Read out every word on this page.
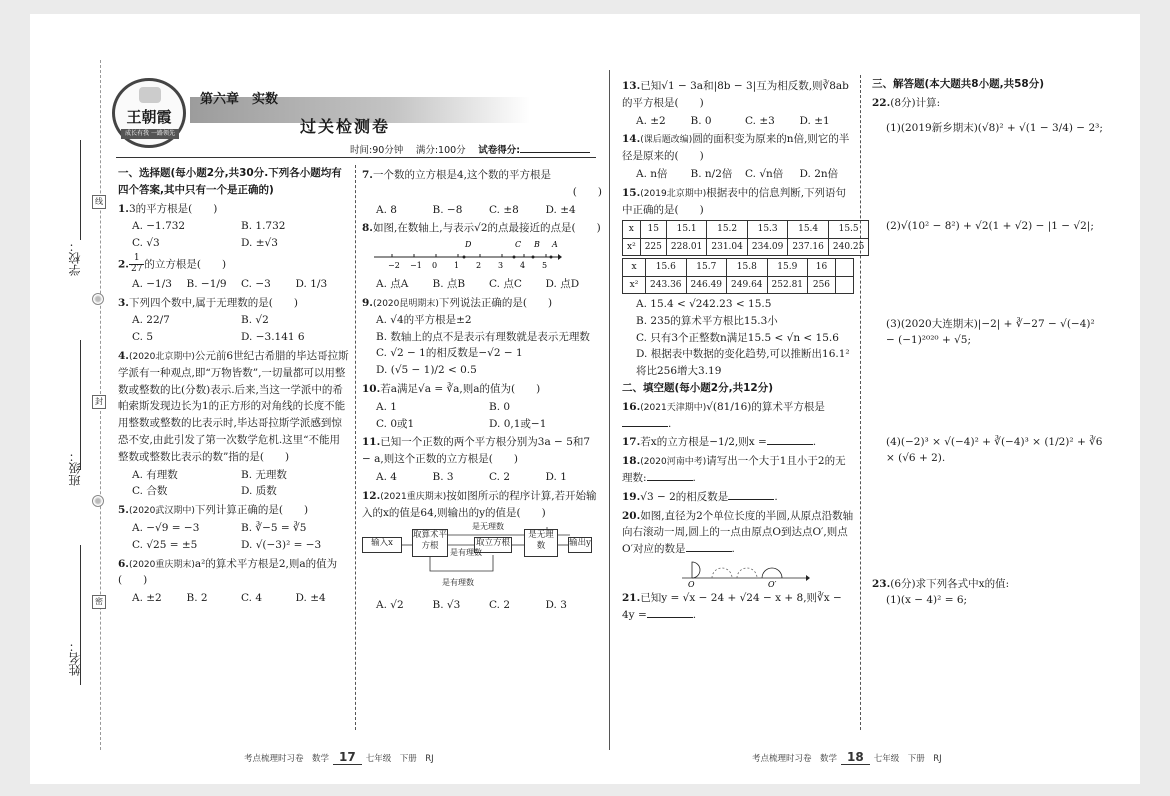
学校：
班级：
姓名：
线
封
密
王朝霞
成长有我 一路领先
第六章　实数
过关检测卷
时间:90分钟　 满分:100分　 试卷得分:

一、选择题(每小题2分,共30分.下列各小题均有四个答案,其中只有一个是正确的)

1.3的平方根是(　　)
A. −1.732	B. 1.732
C. √3	D. ±√3
2. $\frac{1}{27}$ 的立方根是(　　)
A. −1/3	B. −1/9	C. −3	D. 1/3
3.下列四个数中,属于无理数的是(　　)
A. 22/7	B. √2
C. 5	D. −3.141 6
4.(2020北京期中)公元前6世纪古希腊的毕达哥拉斯学派有一种观点,即“万物皆数”,一切量都可以用整数或整数的比(分数)表示.后来,当这一学派中的希帕索斯发现边长为1的正方形的对角线的长度不能用整数或整数的比表示时,毕达哥拉斯学派感到惊恐不安,由此引发了第一次数学危机.这里“不能用整数或整数比表示的数”指的是(　　)
A. 有理数	B. 无理数
C. 合数	D. 质数
5.(2020武汉期中)下列计算正确的是(　　)
A. −√9 = −3	B. ∛−5 = ∛5
C. √25 = ±5	D. √(−3)² = −3
6.(2020重庆期末)a²的算术平方根是2,则a的值为(　　)
A. ±2	B. 2	C. 4	D. ±4
7.一个数的立方根是4,这个数的平方根是
(　　)
A. 8	B. −8	C. ±8	D. ±4
8.如图,在数轴上,与表示√2的点最接近的点是(　　)
−2 −1 0 1 2 3 4 5
D	C B A
A. 点A	B. 点B	C. 点C	D. 点D
9.(2020昆明期末)下列说法正确的是(　　)
A. √4的平方根是±2
B. 数轴上的点不是表示有理数就是表示无理数
C. √2 − 1的相反数是−√2 − 1
D. (√5 − 1)/2 < 0.5
10.若a满足√a = ∛a,则a的值为(　　)
A. 1	B. 0
C. 0或1	D. 0,1或−1
11.已知一个正数的两个平方根分别为3a − 5和7 − a,则这个正数的立方根是(　　)
A. 4	B. 3	C. 2	D. 1
12.(2021重庆期末)按如图所示的程序计算,若开始输入的x的值是64,则输出的y的值是(　　)
输入x
取算术平方根	取立方根
是无理数	输出y
是无理数
是有理数
是有理数
A. √2	B. √3	C. 2	D. 3
13.已知√1 − 3a和|8b − 3|互为相反数,则∛8ab的平方根是(　　)
A. ±2	B. 0	C. ±3	D. ±1
14.(课后题改编)圆的面积变为原来的n倍,则它的半径是原来的(　　)
A. n倍	B. n/2倍	C. √n倍	D. 2n倍
15.(2019北京期中)根据表中的信息判断,下列语句中正确的是(　　)
x	15	15.1	15.2	15.3	15.4	15.5
x²	225	228.01	231.04	234.09	237.16	240.25
x	15.6	15.7	15.8	15.9	16	
x²	243.36	246.49	249.64	252.81	256	
A. 15.4 < √242.23 < 15.5
B. 235的算术平方根比15.3小
C. 只有3个正整数n满足15.5 < √n < 15.6
D. 根据表中数据的变化趋势,可以推断出16.1²将比256增大3.19

二、填空题(每小题2分,共12分)

16.(2021天津期中)√(81/16)的算术平方根是.
17.若x的立方根是−1/2,则x =	.
18.(2020河南中考)请写出一个大于1且小于2的无理数:	.
19.√3 − 2的相反数是	.
20.如图,直径为2个单位长度的半圆,从原点沿数轴向右滚动一周,圆上的一点由原点O到达点O′,则点O′对应的数是	.
O	O′
21.已知y = √x − 24 + √24 − x + 8,则∛x − 4y =	.

三、解答题(本大题共8小题,共58分)

22.(8分)计算:
(1)(2019新乡期末)(√8)² + √(1 − 3/4) − 2³;
(2)√(10² − 8²) + √2(1 + √2) − |1 − √2|;
(3)(2020大连期末)|−2| + ∛−27 − √(−4)² − (−1)²⁰²⁰ + √5;
(4)(−2)³ × √(−4)² + ∛(−4)³ × (1/2)² + ∛6 × (√6 + 2).
23.(6分)求下列各式中x的值:
(1)(x − 4)² = 6;
考点梳理时习卷　数学 17 七年级　下册　RJ	考点梳理时习卷　数学 18 七年级　下册　RJ
